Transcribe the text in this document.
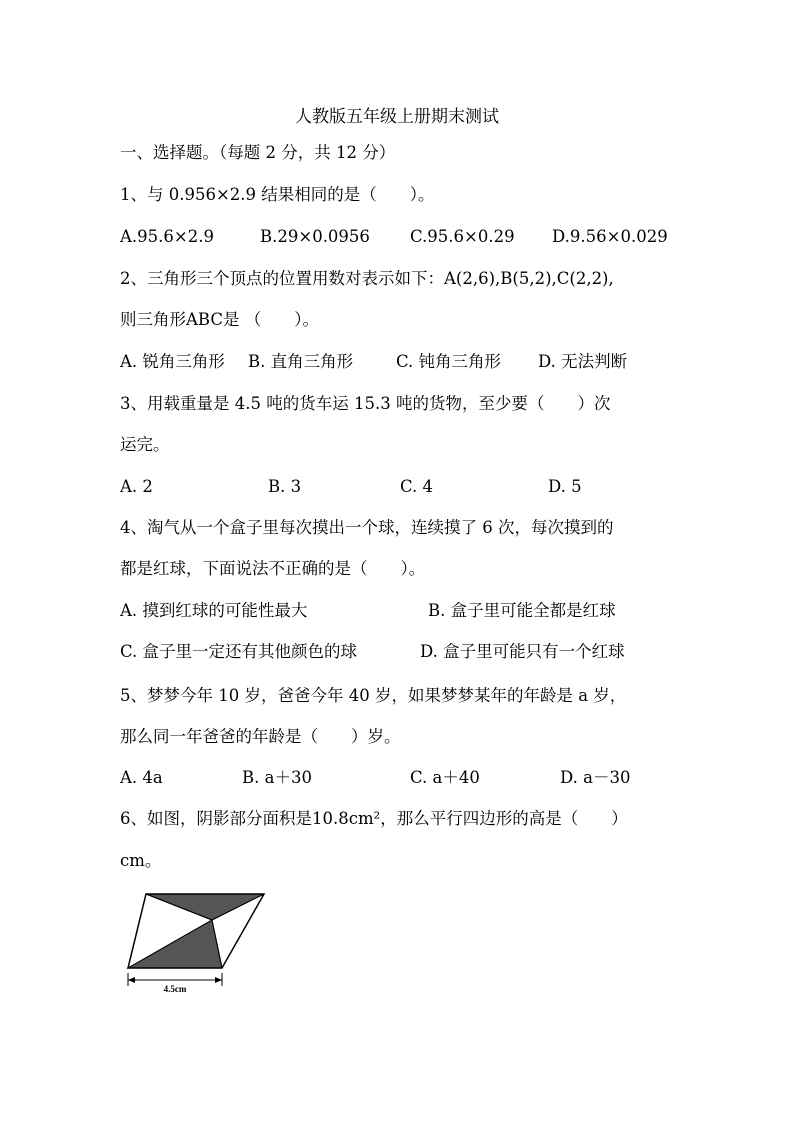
人教版五年级上册期末测试
一、选择题。（每题 2 分，共 12 分）
1、与 0.956×2.9 结果相同的是（　　）。
A.95.6×2.9	B.29×0.0956 C.95.6×0.29 D.9.56×0.029
2、三角形三个顶点的位置用数对表示如下：A(2,6),B(5,2),C(2,2),
则三角形ABC是 （　　）。
A. 锐角三角形 B. 直角三角形	C. 钝角三角形 D. 无法判断
3、用载重量是 4.5 吨的货车运 15.3 吨的货物，至少要（　　）次
运完。
A. 2	B. 3	C. 4	D. 5
4、淘气从一个盒子里每次摸出一个球，连续摸了 6 次，每次摸到的
都是红球，下面说法不正确的是（　　）。
A. 摸到红球的可能性最大	B. 盒子里可能全都是红球
C. 盒子里一定还有其他颜色的球	D. 盒子里可能只有一个红球
5、梦梦今年 10 岁，爸爸今年 40 岁，如果梦梦某年的年龄是 a 岁，
那么同一年爸爸的年龄是（　　）岁。
A. 4a	B. a＋30	C. a＋40	D. a－30
6、如图，阴影部分面积是10.8cm²，那么平行四边形的高是（　　）
cm。
4.5cm
